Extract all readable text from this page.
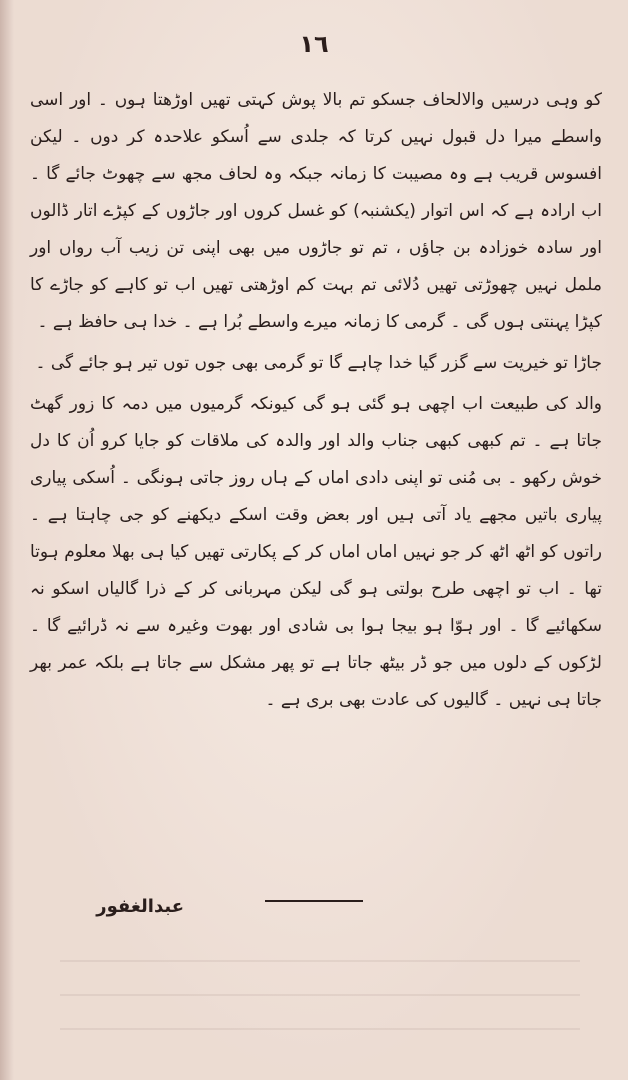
١٦

کو وہی درسیں والالحاف جسکو تم بالا پوش کہتی تھیں اوڑھتا ہوں ۔ اور اسی واسطے میرا دل قبول نہیں کرتا کہ جلدی سے اُسکو علاحدہ کر دوں ۔ لیکن افسوس قریب ہے وہ مصیبت کا زمانہ جبکہ وہ لحاف مجھ سے چھوٹ جائے گا ۔ اب ارادہ ہے کہ اس اتوار (یکشنبہ) کو غسل کروں اور جاڑوں کے کپڑے اتار ڈالوں اور سادہ خوزادہ بن جاؤں ، تم تو جاڑوں میں بھی اپنی تن زیب آب رواں اور ململ نہیں چھوڑتی تھیں دُلائی تم بہت کم اوڑھتی تھیں اب تو کاہے کو جاڑے کا کپڑا پہنتی ہوں گی ۔ گرمی کا زمانہ میرے واسطے بُرا ہے ۔ خدا ہی حافظ ہے ۔

جاڑا تو خیریت سے گزر گیا خدا چاہے گا تو گرمی بھی جوں توں تیر ہو جائے گی ۔

والد کی طبیعت اب اچھی ہو گئی ہو گی کیونکہ گرمیوں میں دمہ کا زور گھٹ جاتا ہے ۔ تم کبھی کبھی جناب والد اور والدہ کی ملاقات کو جایا کرو اُن کا دل خوش رکھو ۔ بی مُنی تو اپنی دادی اماں کے ہاں روز جاتی ہونگی ۔ اُسکی پیاری پیاری باتیں مجھے یاد آتی ہیں اور بعض وقت اسکے دیکھنے کو جی چاہتا ہے ۔ راتوں کو اٹھ اٹھ کر جو نہیں اماں اماں کر کے پکارتی تھیں کیا ہی بھلا معلوم ہوتا تھا ۔ اب تو اچھی طرح بولتی ہو گی لیکن مہربانی کر کے ذرا گالیاں اسکو نہ سکھائیے گا ۔ اور ہوّا ہو بیجا ہوا بی شادی اور بھوت وغیرہ سے نہ ڈرائیے گا ۔ لڑکوں کے دلوں میں جو ڈر بیٹھ جاتا ہے تو پھر مشکل سے جاتا ہے بلکہ عمر بھر جاتا ہی نہیں ۔ گالیوں کی عادت بھی بری ہے ۔

عبدالغفور
